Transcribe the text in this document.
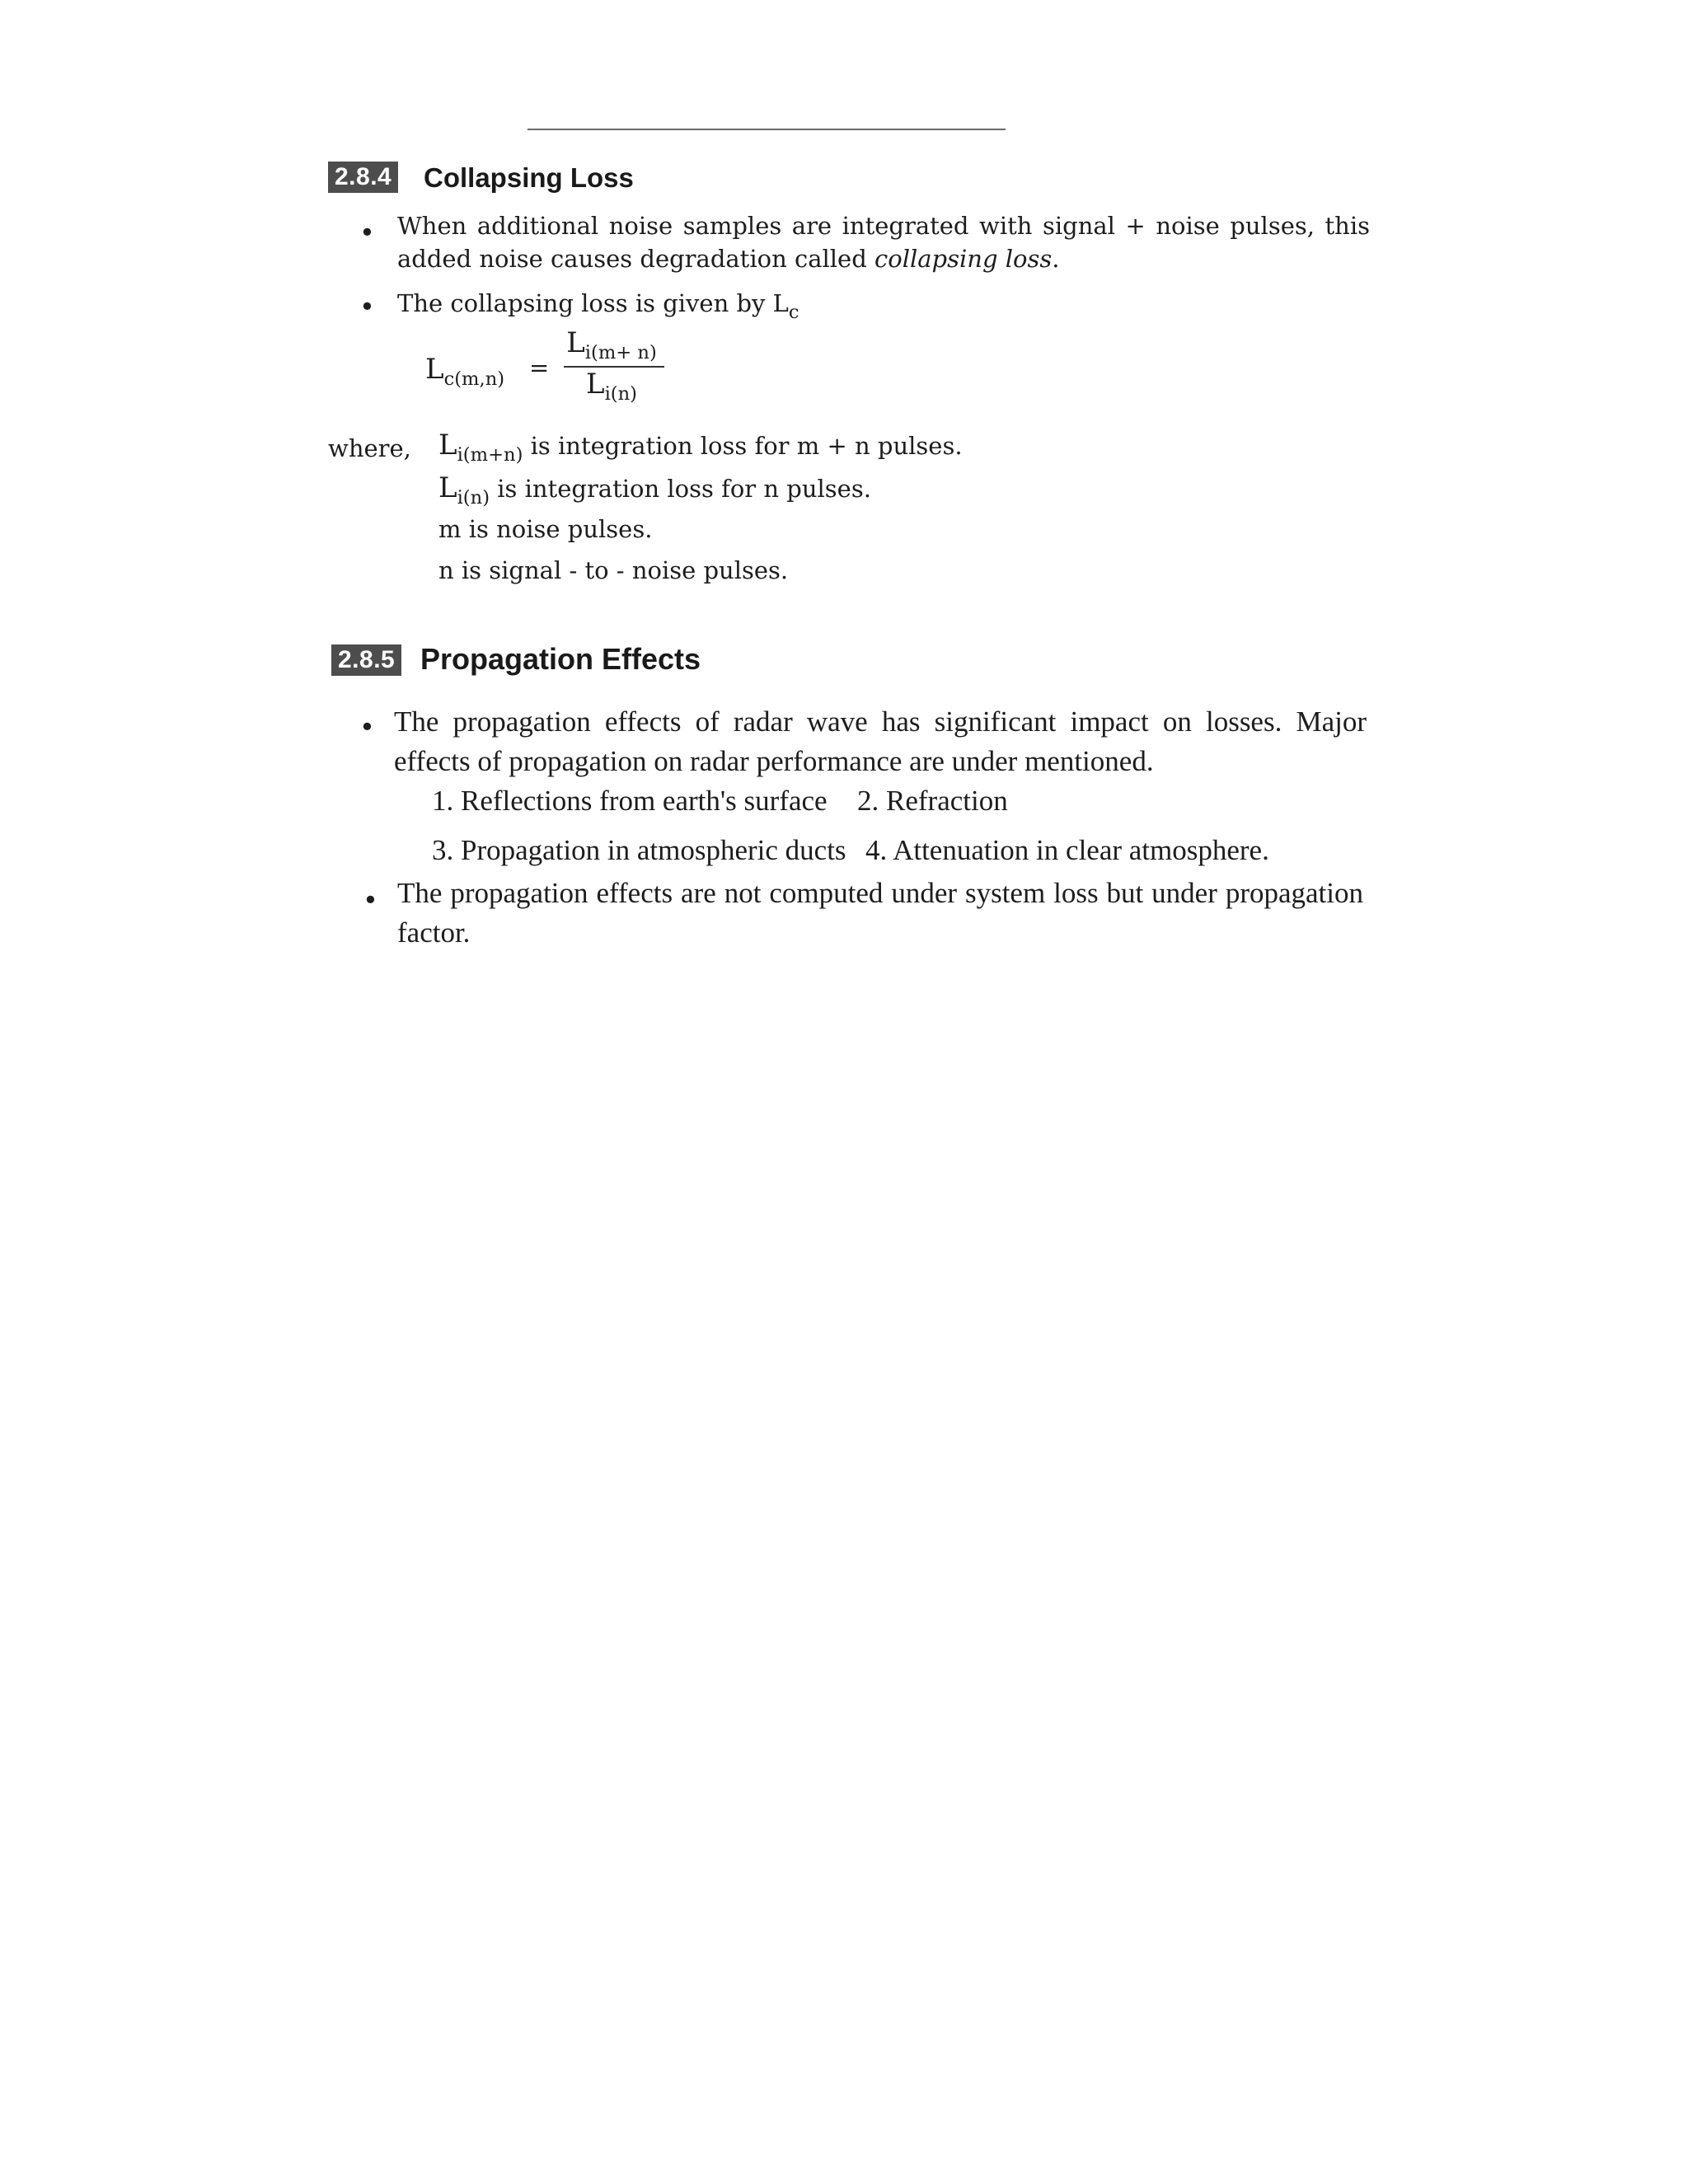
2.8.4 Collapsing Loss
• When additional noise samples are integrated with signal + noise pulses, this added noise causes degradation called collapsing loss.
• The collapsing loss is given by $L_c$
$L_{c(m,n)}$ =
$L_{i(m+ n)}$
$L_{i(n)}$
where, $L_{i(m+n)}$ is integration loss for m + n pulses.
$L_{i(n)}$ is integration loss for n pulses.
m is noise pulses.
n is signal - to - noise pulses.
2.8.5 Propagation Effects
• The propagation effects of radar wave has significant impact on losses. Major effects of propagation on radar performance are under mentioned.
1. Reflections from earth's surface 2. Refraction
3. Propagation in atmospheric ducts 4. Attenuation in clear atmosphere.
• The propagation effects are not computed under system loss but under propagation factor.
